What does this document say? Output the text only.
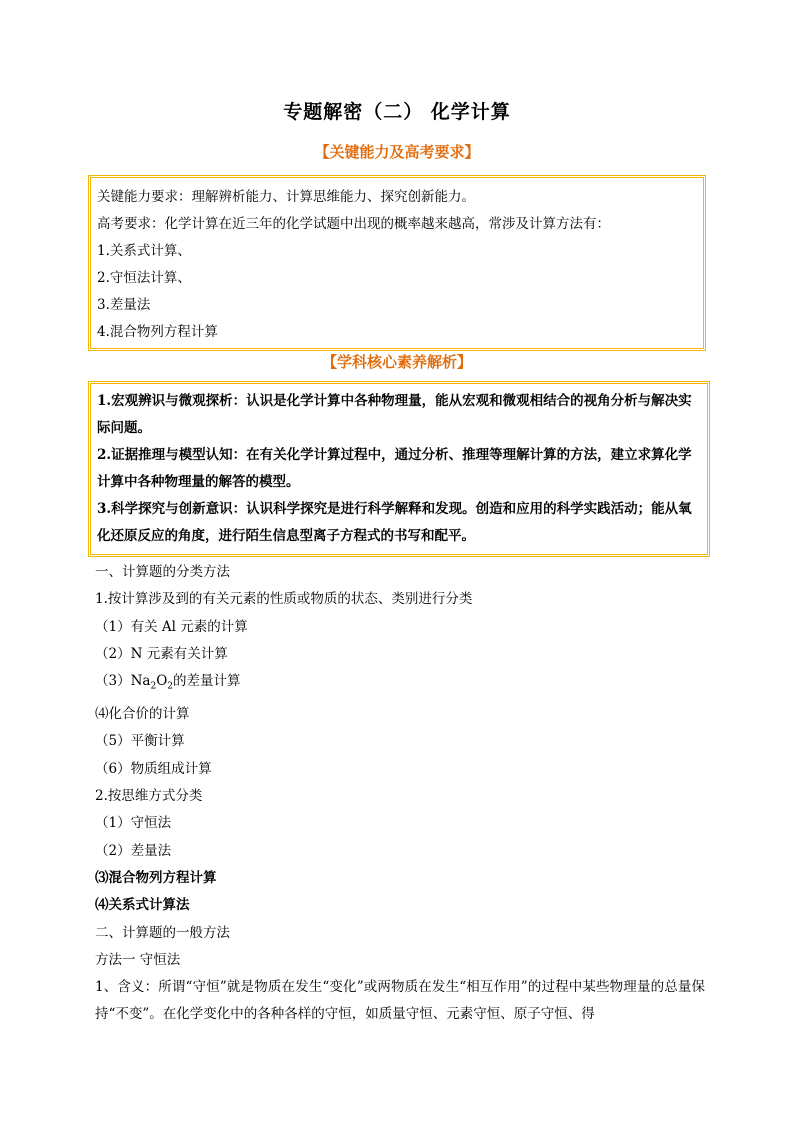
专题解密（二） 化学计算
【关键能力及高考要求】
关键能力要求：理解辨析能力、计算思维能力、探究创新能力。
高考要求：化学计算在近三年的化学试题中出现的概率越来越高，常涉及计算方法有：
1.关系式计算、
2.守恒法计算、
3.差量法
4.混合物列方程计算
【学科核心素养解析】
1.宏观辨识与微观探析：认识是化学计算中各种物理量，能从宏观和微观相结合的视角分析与解决实际问题。
2.证据推理与模型认知：在有关化学计算过程中，通过分析、推理等理解计算的方法，建立求算化学计算中各种物理量的解答的模型。
3.科学探究与创新意识：认识科学探究是进行科学解释和发现。创造和应用的科学实践活动；能从氧化还原反应的角度，进行陌生信息型离子方程式的书写和配平。
一、计算题的分类方法
1.按计算涉及到的有关元素的性质或物质的状态、类别进行分类
（1）有关 Al 元素的计算
（2）N 元素有关计算
$(3)Na_2O_2$的差量计算
⑷化合价的计算
（5）平衡计算
（6）物质组成计算
2.按思维方式分类
（1）守恒法
（2）差量法
⑶混合物列方程计算
⑷关系式计算法
二、计算题的一般方法
方法一 守恒法
1、含义：所谓“守恒”就是物质在发生“变化”或两物质在发生“相互作用”的过程中某些物理量的总量保持“不变”。在化学变化中的各种各样的守恒，如质量守恒、元素守恒、原子守恒、得
